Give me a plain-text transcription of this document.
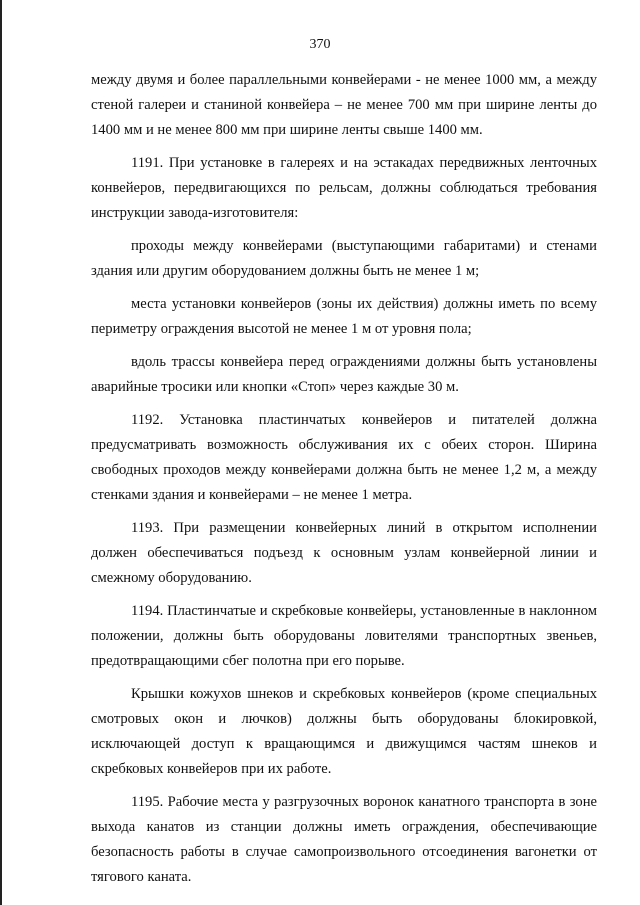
370

между двумя и более параллельными конвейерами - не менее 1000 мм, а между стеной галереи и станиной конвейера – не менее 700 мм при ширине ленты до 1400 мм и не менее 800 мм при ширине ленты свыше 1400 мм.

1191. При установке в галереях и на эстакадах передвижных ленточных конвейеров, передвигающихся по рельсам, должны соблюдаться требования инструкции завода-изготовителя:

проходы между конвейерами (выступающими габаритами) и стенами здания или другим оборудованием должны быть не менее 1 м;

места установки конвейеров (зоны их действия) должны иметь по всему периметру ограждения высотой не менее 1 м от уровня пола;

вдоль трассы конвейера перед ограждениями должны быть установлены аварийные тросики или кнопки «Стоп» через каждые 30 м.

1192. Установка пластинчатых конвейеров и питателей должна предусматривать возможность обслуживания их с обеих сторон. Ширина свободных проходов между конвейерами должна быть не менее 1,2 м, а между стенками здания и конвейерами – не менее 1 метра.

1193. При размещении конвейерных линий в открытом исполнении должен обеспечиваться подъезд к основным узлам конвейерной линии и смежному оборудованию.

1194. Пластинчатые и скребковые конвейеры, установленные в наклонном положении, должны быть оборудованы ловителями транспортных звеньев, предотвращающими сбег полотна при его порыве.

Крышки кожухов шнеков и скребковых конвейеров (кроме специальных смотровых окон и лючков) должны быть оборудованы блокировкой, исключающей доступ к вращающимся и движущимся частям шнеков и скребковых конвейеров при их работе.

1195. Рабочие места у разгрузочных воронок канатного транспорта в зоне выхода канатов из станции должны иметь ограждения, обеспечивающие безопасность работы в случае самопроизвольного отсоединения вагонетки от тягового каната.
